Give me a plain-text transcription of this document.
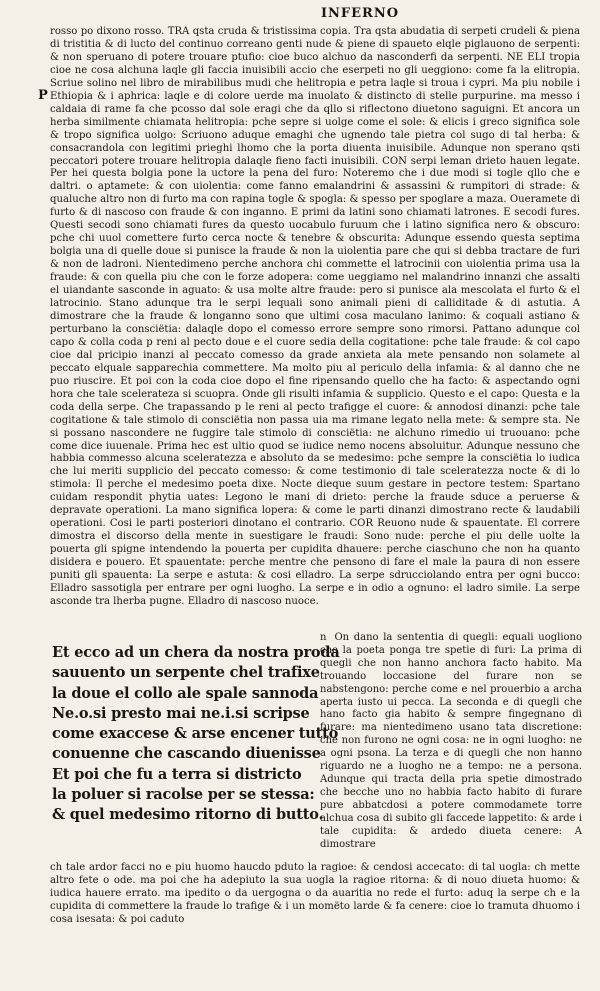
INFERNO
P
rosso po dixono rosso. TRA qsta cruda & tristissima copia. Tra qsta abudatia di serpeti crudeli & piena di tristitia & di lucto del continuo correano genti nude & piene di spaueto elqle piglauono de serpenti: & non speruano di potere trouare ptufio: cioe buco alchuo da nasconderfi da serpenti. NE ELI tropia cioe ne cosa alchuna laqle gli faccia inuisibili accio che eserpeti no gli ueggiono: come fa la elitropia. Scriue solino nel libro de mirabilibus mudi che helitropia e petra laqle si troua i cypri. Ma piu nobile i Ethiopia & i aphrica: laqle e di colore uerde ma inuolato & distincto di stelle purpurine. ma messo i caldaia di rame fa che pcosso dal sole eragi che da qllo si riflectono diuetono saguigni. Et ancora un herba similmente chiamata helitropia: pche sepre si uolge come el sole: & elicis i greco significa sole & tropo significa uolgo: Scriuono aduque emaghi che ugnendo tale pietra col sugo di tal herba: & consacrandola con legitimi prieghi lhomo che la porta diuenta inuisibile. Adunque non sperano qsti peccatori potere trouare helitropia dalaqle fieno facti inuisibili. CON serpi leman drieto hauen legate. Per hei questa bolgia pone la uctore la pena del furo: Noteremo che i due modi si togle qllo che e daltri. o aptamete: & con uiolentia: come fanno emalandrini & assassini & rumpitori di strade: & qualuche altro non di furto ma con rapina togle & spogla: & spesso per spoglare a maza. Oueramete di furto & di nascoso con fraude & con inganno. E primi da latini sono chiamati latrones. E secodi fures. Questi secodi sono chiamati fures da questo uocabulo furuum che i latino significa nero & obscuro: pche chi uuol comettere furto cerca nocte & tenebre & obscurita: Adunque essendo questa septima bolgia una di quelle doue si punisce la fraude & non la uiolentia pare che qui si debba tractare de furi & non de ladroni. Nientedimeno perche anchora chi commette el latrocinii con uiolentia prima usa la fraude: & con quella piu che con le forze adopera: come ueggiamo nel malandrino innanzi che assalti el uiandante sasconde in aguato: & usa molte altre fraude: pero si punisce ala mescolata el furto & el latrocinio. Stano adunque tra le serpi lequali sono animali pieni di calliditade & di astutia. A dimostrare che la fraude & longanno sono que ultimi cosa maculano lanimo: & coquali astiano & perturbano la consciëtia: dalaqle dopo el comesso errore sempre sono rimorsi. Pattano adunque col capo & colla coda p reni al pecto doue e el cuore sedia della cogitatione: pche tale fraude: & col capo cioe dal pricipio inanzi al peccato comesso da grade anxieta ala mete pensando non solamete al peccato elquale sapparechia commettere. Ma molto piu al periculo della infamia: & al danno che ne puo riuscire. Et poi con la coda cioe dopo el fine ripensando quello che ha facto: & aspectando ogni hora che tale scelerateza si scuopra. Onde gli risulti infamia & supplicio. Questo e el capo: Questa e la coda della serpe. Che trapassando p le reni al pecto trafigge el cuore: & annodosi dinanzi: pche tale cogitatione & tale stimolo di consciëtia non passa uia ma rimane legato nella mete: & sempre sta. Ne si possano nascondere ne fuggire tale stimolo di consciëtia: ne alchuno rimedio ui truouano: pche come dice iuuenale. Prima hec est ultio quod se iudice nemo nocens absoluitur. Adunque nessuno che habbia commesso alcuna sceleratezza e absoluto da se medesimo: pche sempre la consciëtia lo iudica che lui meriti supplicio del peccato comesso: & come testimonio di tale sceleratezza nocte & di lo stimola: Il perche el medesimo poeta dixe. Nocte dieque suum gestare in pectore testem: Spartano cuidam respondit phytia uates: Legono le mani di drieto: perche la fraude sduce a peruerse & depravate operationi. La mano significa lopera: & come le parti dinanzi dimostrano recte & laudabili operationi. Cosi le parti posteriori dinotano el contrario. COR Reuono nude & spauentate. El correre dimostra el discorso della mente in suestigare le fraudi: Sono nude: perche el piu delle uolte la pouerta gli spigne intendendo la pouerta per cupidita dhauere: perche ciaschuno che non ha quanto disidera e pouero. Et spauentate: perche mentre che pensono di fare el male la paura di non essere puniti gli spauenta: La serpe e astuta: & cosi elladro. La serpe sdrucciolando entra per ogni bucco: Elladro sassotigla per entrare per ogni luogho. La serpe e in odio a ognuno: el ladro simile. La serpe asconde tra lherba pugne. Elladro di nascoso nuoce.
Et ecco ad un chera da nostra proda
sauuento un serpente chel trafixe
la doue el collo ale spale sannoda
Ne.o.si presto mai ne.i.si scripse
come exaccese & arse encener tutto
conuenne che cascando diuenisse
Et poi che fu a terra si districto
la poluer si racolse per se stessa:
& quel medesimo ritorno di butto.
n On dano la sententia di quegli: equali uogliono che la poeta ponga tre spetie di furi: La prima di quegli che non hanno anchora facto habito. Ma trouando loccasione del furare non se nabstengono: perche come e nel prouerbio a archa aperta iusto ui pecca. La seconda e di quegli che hano facto gia habito & sempre fingegnano di furare: ma nientedimeno usano tata discretione: che non furono ne ogni cosa: ne in ogni luogho: ne a ogni psona. La terza e di quegli che non hanno riguardo ne a luogho ne a tempo: ne a persona. Adunque qui tracta della pria spetie dimostrado che becche uno no habbia facto habito di furare pure abbatcdosi a potere commodamete torre alchua cosa di subito gli faccede lappetito: & arde i tale cupidita: & ardedo diueta cenere: A dimostrare
ch tale ardor facci no e piu huomo haucdo pduto la ragioe: & cendosi accecato: di tal uogla: ch mette altro fete o ode. ma poi che ha adepiuto la sua uogla la ragioe ritorna: & di nouo diueta huomo: & iudica hauere errato. ma ipedito o da uergogna o da auaritia no rede el furto: aduq la serpe ch e la cupidita di commettere la fraude lo trafige & i un momëto larde & fa cenere: cioe lo tramuta dhuomo i cosa isesata: & poi caduto
